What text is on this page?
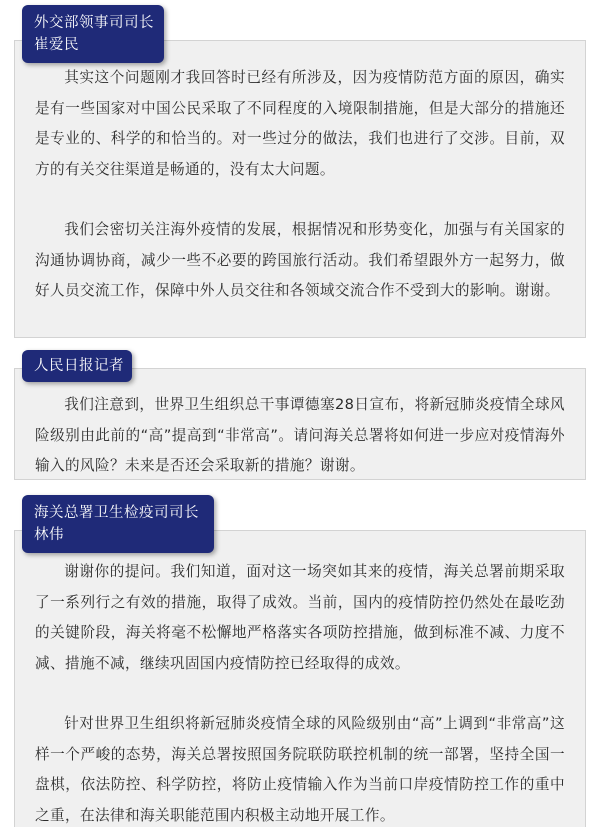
其实这个问题刚才我回答时已经有所涉及，因为疫情防范方面的原因，确实是有一些国家对中国公民采取了不同程度的入境限制措施，但是大部分的措施还是专业的、科学的和恰当的。对一些过分的做法，我们也进行了交涉。目前，双方的有关交往渠道是畅通的，没有太大问题。

我们会密切关注海外疫情的发展，根据情况和形势变化，加强与有关国家的沟通协调协商，减少一些不必要的跨国旅行活动。我们希望跟外方一起努力，做好人员交流工作，保障中外人员交往和各领域交流合作不受到大的影响。谢谢。

外交部领事司司长
崔爱民

我们注意到，世界卫生组织总干事谭德塞28日宣布，将新冠肺炎疫情全球风险级别由此前的“高”提高到“非常高”。请问海关总署将如何进一步应对疫情海外输入的风险？未来是否还会采取新的措施？谢谢。

人民日报记者

谢谢你的提问。我们知道，面对这一场突如其来的疫情，海关总署前期采取了一系列行之有效的措施，取得了成效。当前，国内的疫情防控仍然处在最吃劲的关键阶段，海关将毫不松懈地严格落实各项防控措施，做到标准不减、力度不减、措施不减，继续巩固国内疫情防控已经取得的成效。

针对世界卫生组织将新冠肺炎疫情全球的风险级别由“高”上调到“非常高”这样一个严峻的态势，海关总署按照国务院联防联控机制的统一部署，坚持全国一盘棋，依法防控、科学防控，将防止疫情输入作为当前口岸疫情防控工作的重中之重，在法律和海关职能范围内积极主动地开展工作。

海关总署卫生检疫司司长
林伟
